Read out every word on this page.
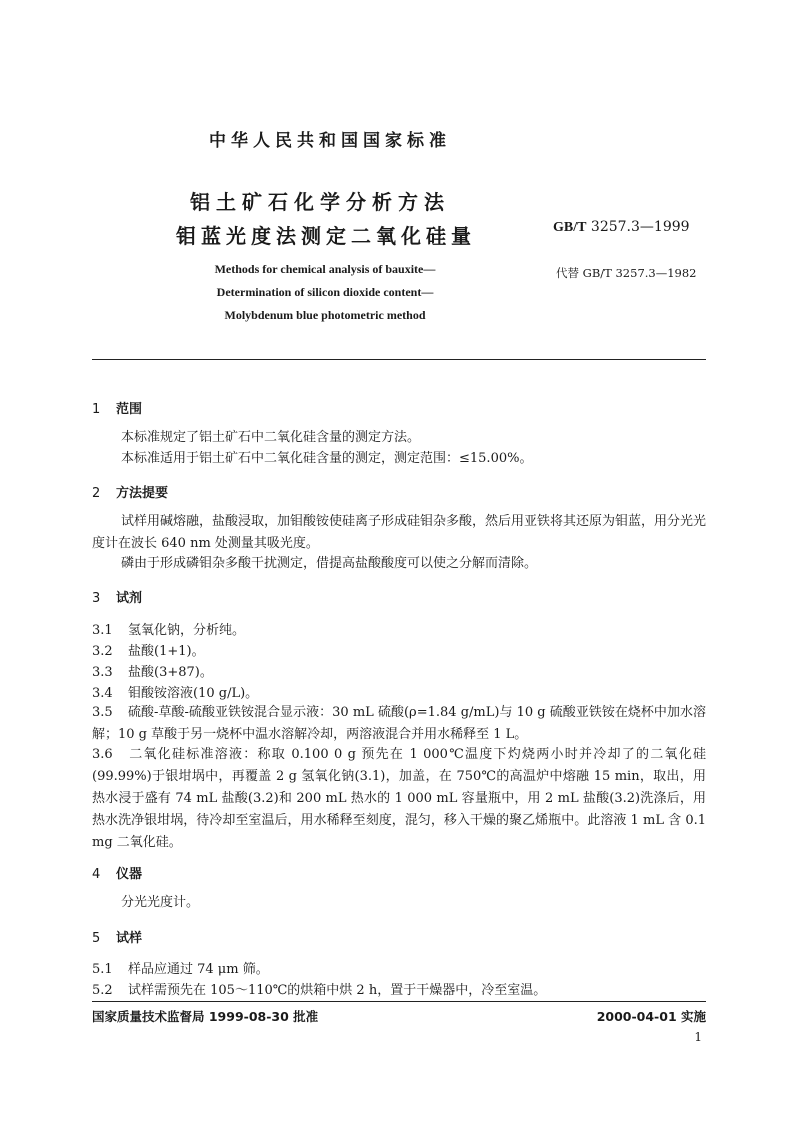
中华人民共和国国家标准
铝土矿石化学分析方法
钼蓝光度法测定二氧化硅量	GB/T 3257.3—1999
Methods for chemical analysis of bauxite—
Determination of silicon dioxide content—
Molybdenum blue photometric method
代替 GB/T 3257.3—1982
1 范围
本标准规定了铝土矿石中二氧化硅含量的测定方法。
本标准适用于铝土矿石中二氧化硅含量的测定，测定范围：≤15.00%。
2 方法提要
试样用碱熔融，盐酸浸取，加钼酸铵使硅离子形成硅钼杂多酸，然后用亚铁将其还原为钼蓝，用分光光度计在波长 640 nm 处测量其吸光度。
磷由于形成磷钼杂多酸干扰测定，借提高盐酸酸度可以使之分解而清除。
3 试剂
3.1 氢氧化钠，分析纯。
3.2 盐酸(1+1)。
3.3 盐酸(3+87)。
3.4 钼酸铵溶液(10 g/L)。
3.5 硫酸-草酸-硫酸亚铁铵混合显示液：30 mL 硫酸(ρ=1.84 g/mL)与 10 g 硫酸亚铁铵在烧杯中加水溶解；10 g 草酸于另一烧杯中温水溶解冷却，两溶液混合并用水稀释至 1 L。
3.6 二氧化硅标准溶液：称取 0.100 0 g 预先在 1 000℃温度下灼烧两小时并冷却了的二氧化硅(99.99%)于银坩埚中，再覆盖 2 g 氢氧化钠(3.1)，加盖，在 750℃的高温炉中熔融 15 min，取出，用热水浸于盛有 74 mL 盐酸(3.2)和 200 mL 热水的 1 000 mL 容量瓶中，用 2 mL 盐酸(3.2)洗涤后，用热水洗净银坩埚，待冷却至室温后，用水稀释至刻度，混匀，移入干燥的聚乙烯瓶中。此溶液 1 mL 含 0.1 mg 二氧化硅。
4 仪器
分光光度计。
5 试样
5.1 样品应通过 74 μm 筛。
5.2 试样需预先在 105～110℃的烘箱中烘 2 h，置于干燥器中，冷至室温。
国家质量技术监督局 1999-08-30 批准	2000-04-01 实施
1
